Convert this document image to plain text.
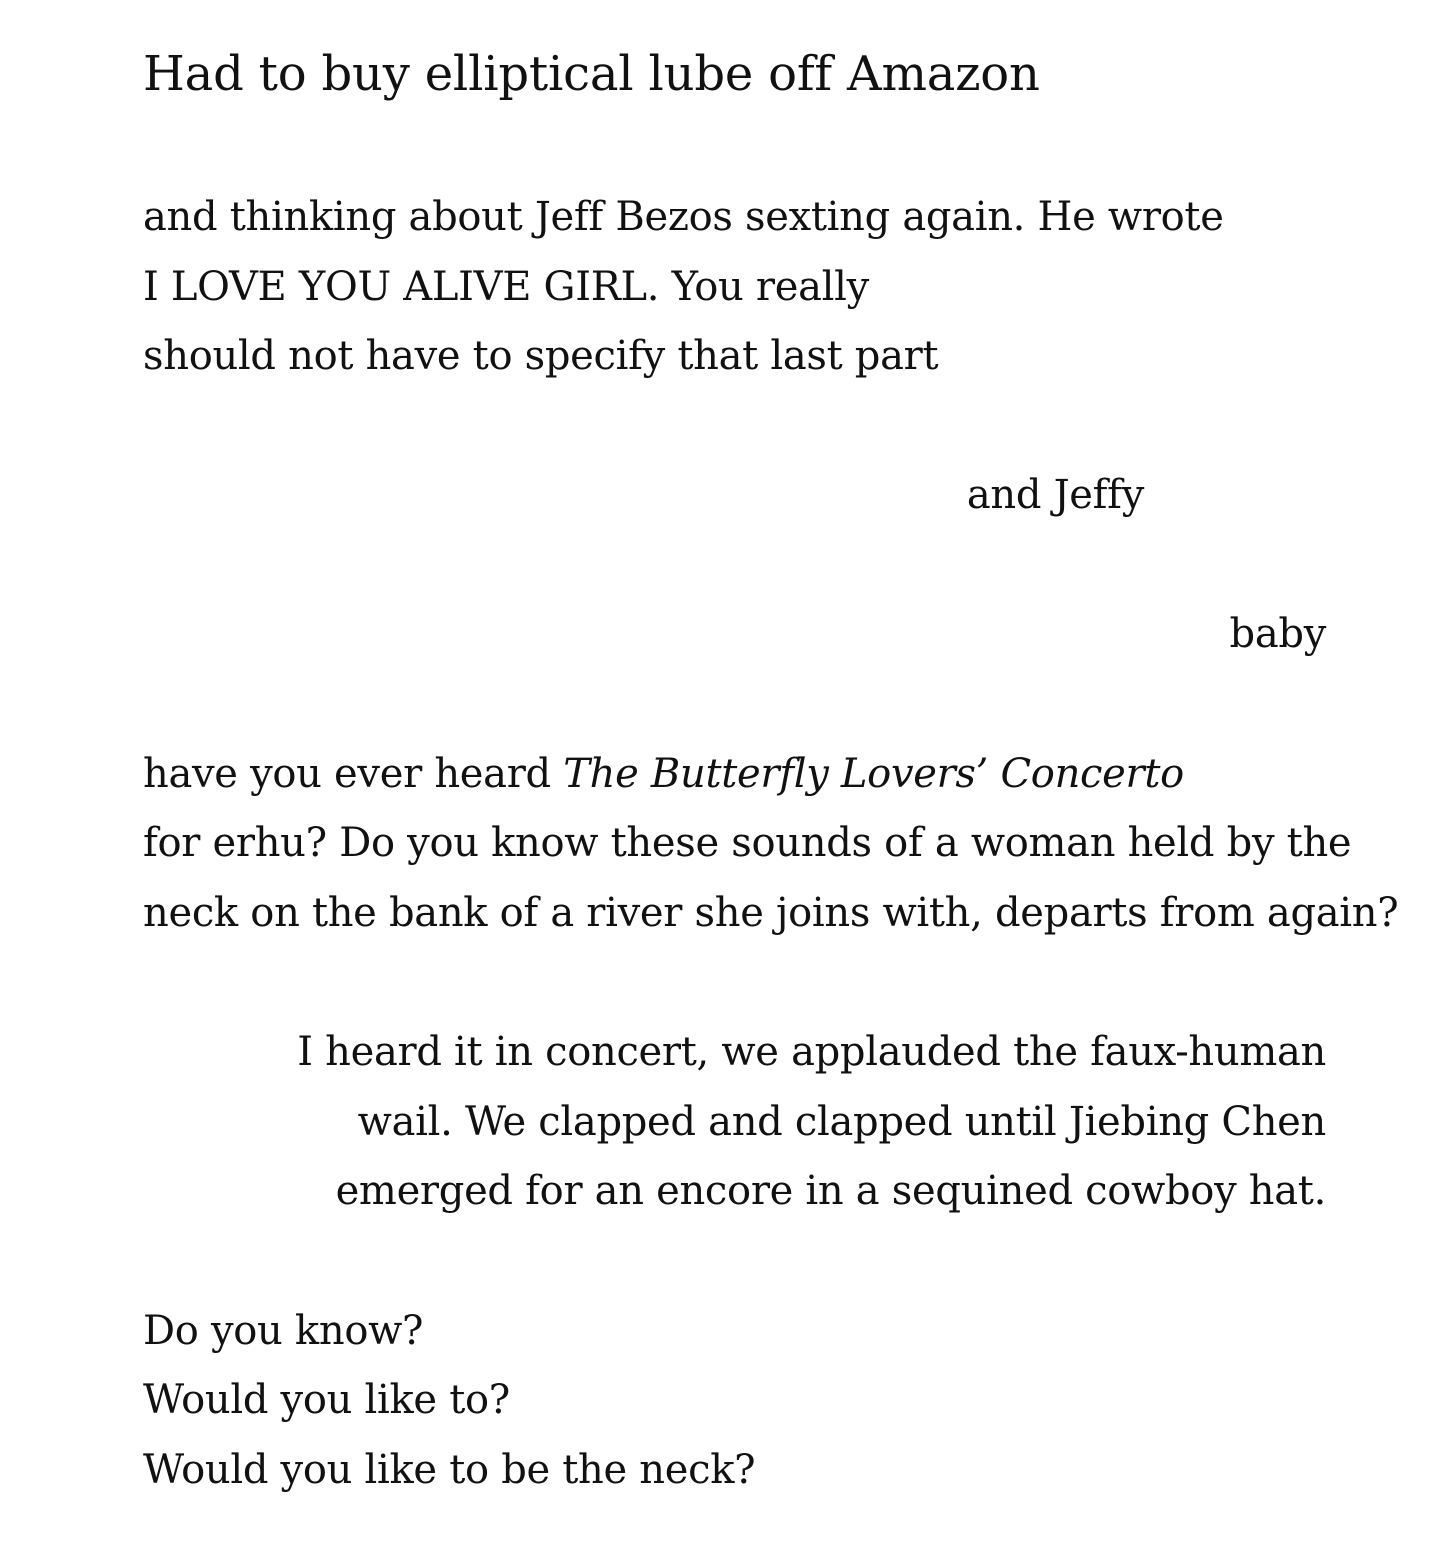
Had to buy elliptical lube off Amazon
and thinking about Jeff Bezos sexting again. He wrote
I LOVE YOU ALIVE GIRL. You really
should not have to specify that last part
and Jeffy
baby
have you ever heard The Butterfly Lovers’ Concerto
for erhu? Do you know these sounds of a woman held by the
neck on the bank of a river she joins with, departs from again?
I heard it in concert, we applauded the faux-human
wail. We clapped and clapped until Jiebing Chen
emerged for an encore in a sequined cowboy hat.
Do you know?
Would you like to?
Would you like to be the neck?
